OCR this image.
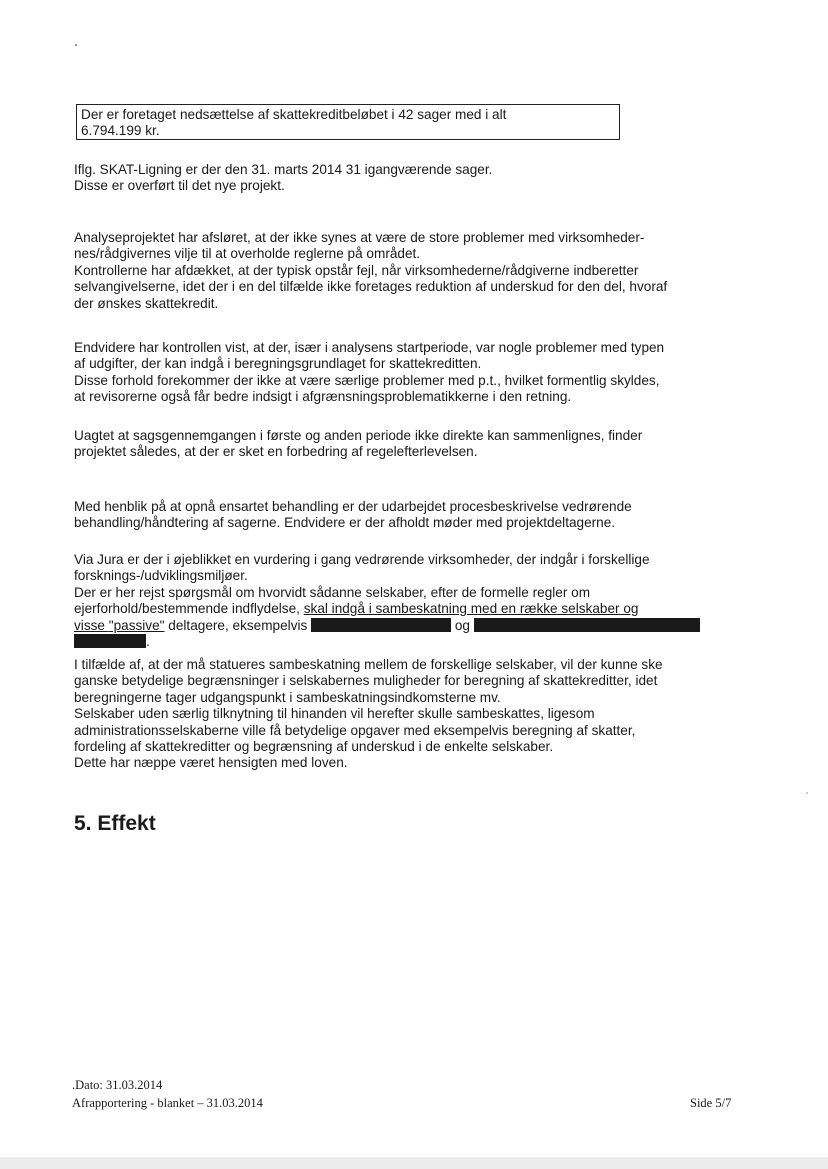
Der er foretaget nedsættelse af skattekreditbeløbet i 42 sager med i alt
6.794.199 kr.

Iflg. SKAT-Ligning er der den 31. marts 2014 31 igangværende sager.
Disse er overført til det nye projekt.

Analyseprojektet har afsløret, at der ikke synes at være de store problemer med virksomheder-
nes/rådgivernes vilje til at overholde reglerne på området.
Kontrollerne har afdækket, at der typisk opstår fejl, når virksomhederne/rådgiverne indberetter
selvangivelserne, idet der i en del tilfælde ikke foretages reduktion af underskud for den del, hvoraf
der ønskes skattekredit.

Endvidere har kontrollen vist, at der, især i analysens startperiode, var nogle problemer med typen
af udgifter, der kan indgå i beregningsgrundlaget for skattekreditten.
Disse forhold forekommer der ikke at være særlige problemer med p.t., hvilket formentlig skyldes,
at revisorerne også får bedre indsigt i afgrænsningsproblematikkerne i den retning.

Uagtet at sagsgennemgangen i første og anden periode ikke direkte kan sammenlignes, finder
projektet således, at der er sket en forbedring af regelefterlevelsen.

Med henblik på at opnå ensartet behandling er der udarbejdet procesbeskrivelse vedrørende
behandling/håndtering af sagerne. Endvidere er der afholdt møder med projektdeltagerne.

Via Jura er der i øjeblikket en vurdering i gang vedrørende virksomheder, der indgår i forskellige
forsknings-/udviklingsmiljøer.
Der er her rejst spørgsmål om hvorvidt sådanne selskaber, efter de formelle regler om
ejerforhold/bestemmende indflydelse, skal indgå i sambeskatning med en række selskaber og
visse "passive" deltagere, eksempelvis	og
.

I tilfælde af, at der må statueres sambeskatning mellem de forskellige selskaber, vil der kunne ske
ganske betydelige begrænsninger i selskabernes muligheder for beregning af skattekreditter, idet
beregningerne tager udgangspunkt i sambeskatningsindkomsterne mv.
Selskaber uden særlig tilknytning til hinanden vil herefter skulle sambeskattes, ligesom
administrationsselskaberne ville få betydelige opgaver med eksempelvis beregning af skatter,
fordeling af skattekreditter og begrænsning af underskud i de enkelte selskaber.
Dette har næppe været hensigten med loven.

5. Effekt
.Dato: 31.03.2014
Afrapportering - blanket – 31.03.2014	Side 5/7
